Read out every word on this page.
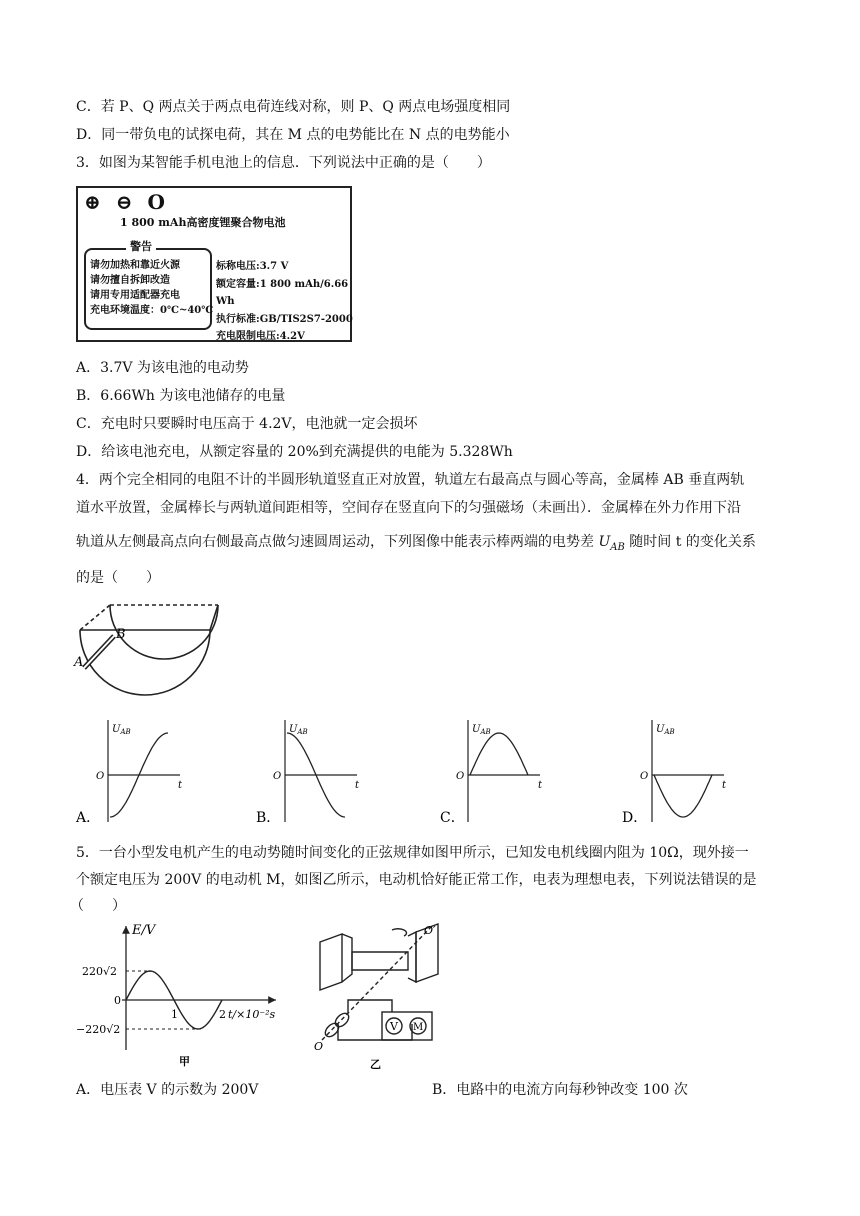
C．若 P、Q 两点关于两点电荷连线对称，则 P、Q 两点电场强度相同
D．同一带负电的试探电荷，其在 M 点的电势能比在 N 点的电势能小
3．如图为某智能手机电池上的信息．下列说法中正确的是（　　）
⊕ ⊖ O
1 800 mAh高密度锂聚合物电池
警告
请勿加热和靠近火源
请勿擅自拆卸改造
请用专用适配器充电
充电环境温度：0℃~40℃
标称电压:3.7 V
额定容量:1 800 mAh/6.66 Wh
执行标准:GB/TIS2S7-2000
充电限制电压:4.2V
A．3.7V 为该电池的电动势
B．6.66Wh 为该电池储存的电量
C．充电时只要瞬时电压高于 4.2V，电池就一定会损坏
D．给该电池充电，从额定容量的 20%到充满提供的电能为 5.328Wh
4．两个完全相同的电阻不计的半圆形轨道竖直正对放置，轨道左右最高点与圆心等高，金属棒 AB 垂直两轨
道水平放置，金属棒长与两轨道间距相等，空间存在竖直向下的匀强磁场（未画出）．金属棒在外力作用下沿
轨道从左侧最高点向右侧最高点做匀速圆周运动，下列图像中能表示棒两端的电势差 $U_{AB}$ 随时间 t 的变化关系
的是（　　）
A
B
$U_{AB}$
O
t
A．
$U_{AB}$
O
t
B．
$U_{AB}$
O
t
C．
$U_{AB}$
O
t
D．
5．一台小型发电机产生的电动势随时间变化的正弦规律如图甲所示，已知发电机线圈内阻为 10Ω，现外接一
个额定电压为 200V 的电动机 M，如图乙所示，电动机恰好能正常工作，电表为理想电表，下列说法错误的是
（　　）
E/V
220√2
−220√2
0
1	2 t/×10⁻²s
甲
V M
O′
O
乙
A．电压表 V 的示数为 200V	B．电路中的电流方向每秒钟改变 100 次
